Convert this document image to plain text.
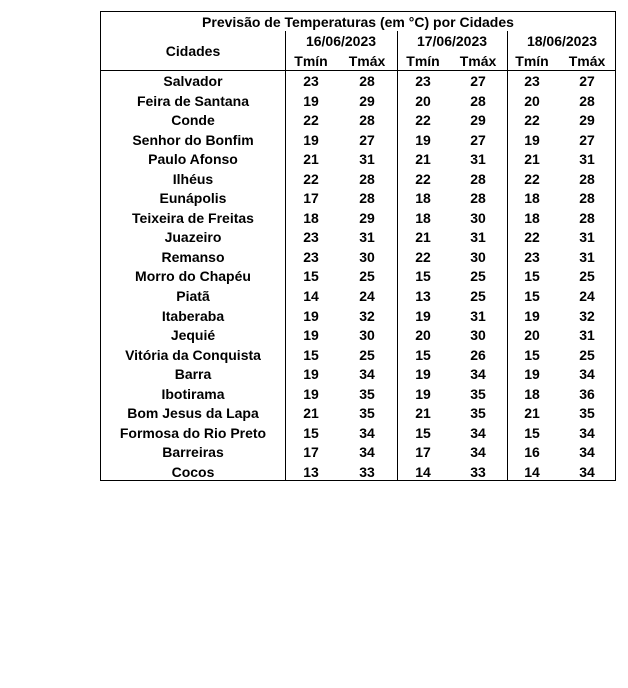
Previsão de Temperaturas (em °C) por Cidades
Cidades
16/06/2023	17/06/2023	18/06/2023
Tmín	Tmáx	Tmín	Tmáx	Tmín	Tmáx
Salvador	23	28	23	27	23	27
Feira de Santana	19	29	20	28	20	28
Conde	22	28	22	29	22	29
Senhor do Bonfim	19	27	19	27	19	27
Paulo Afonso	21	31	21	31	21	31
Ilhéus	22	28	22	28	22	28
Eunápolis	17	28	18	28	18	28
Teixeira de Freitas	18	29	18	30	18	28
Juazeiro	23	31	21	31	22	31
Remanso	23	30	22	30	23	31
Morro do Chapéu	15	25	15	25	15	25
Piatã	14	24	13	25	15	24
Itaberaba	19	32	19	31	19	32
Jequié	19	30	20	30	20	31
Vitória da Conquista	15	25	15	26	15	25
Barra	19	34	19	34	19	34
Ibotirama	19	35	19	35	18	36
Bom Jesus da Lapa	21	35	21	35	21	35
Formosa do Rio Preto	15	34	15	34	15	34
Barreiras	17	34	17	34	16	34
Cocos	13	33	14	33	14	34
